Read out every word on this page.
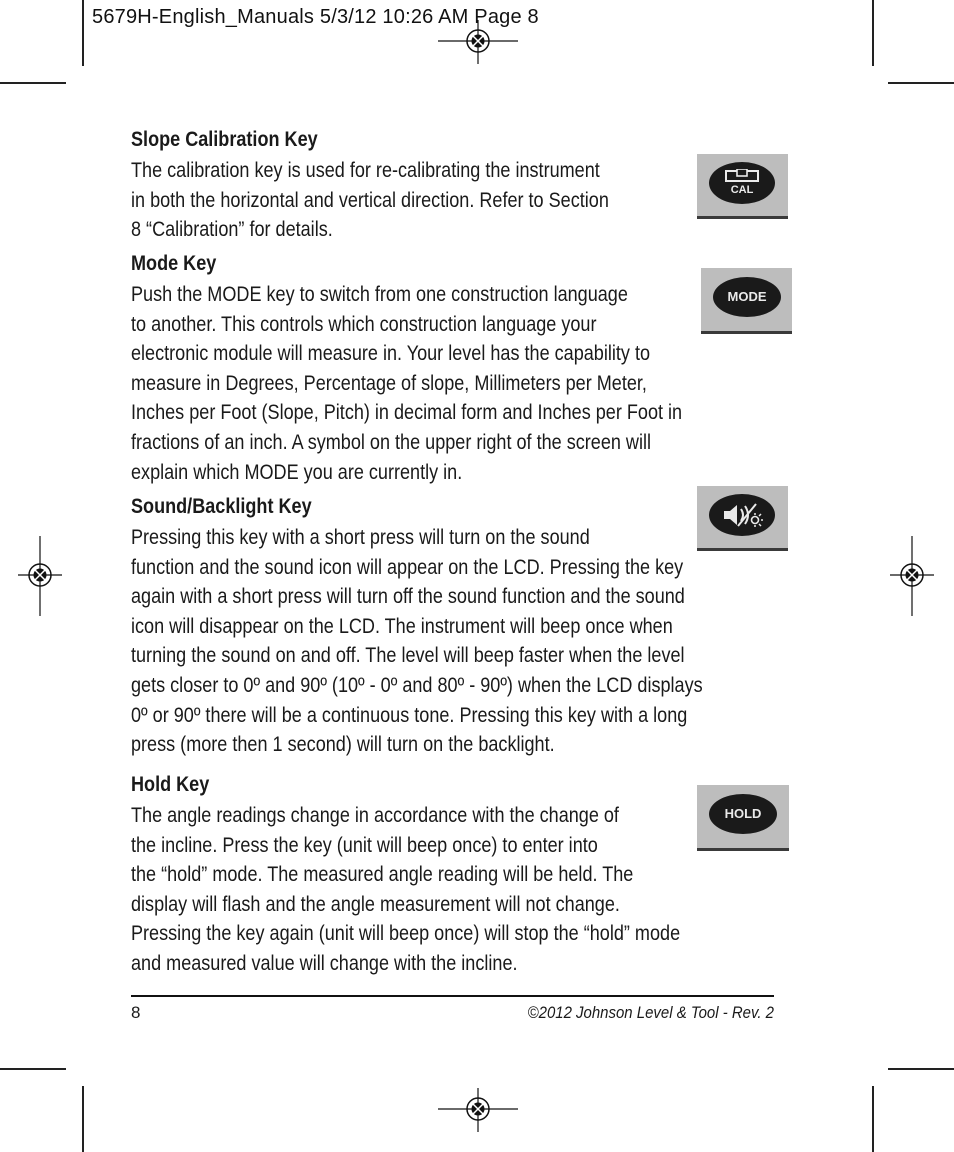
5679H-English_Manuals 5/3/12 10:26 AM Page 8
Slope Calibration Key
The calibration key is used for re-calibrating the instrument
in both the horizontal and vertical direction. Refer to Section
8 “Calibration” for details.
CAL
Mode Key
Push the MODE key to switch from one construction language
to another. This controls which construction language your
electronic module will measure in. Your level has the capability to
measure in Degrees, Percentage of slope, Millimeters per Meter,
Inches per Foot (Slope, Pitch) in decimal form and Inches per Foot in
fractions of an inch. A symbol on the upper right of the screen will
explain which MODE you are currently in.
MODE
Sound/Backlight Key
Pressing this key with a short press will turn on the sound
function and the sound icon will appear on the LCD. Pressing the key
again with a short press will turn off the sound function and the sound
icon will disappear on the LCD. The instrument will beep once when
turning the sound on and off. The level will beep faster when the level
gets closer to 0º and 90º (10º - 0º and 80º - 90º) when the LCD displays
0º or 90º there will be a continuous tone. Pressing this key with a long
press (more then 1 second) will turn on the backlight.
Hold Key
The angle readings change in accordance with the change of
the incline. Press the key (unit will beep once) to enter into
the “hold” mode. The measured angle reading will be held. The
display will flash and the angle measurement will not change.
Pressing the key again (unit will beep once) will stop the “hold” mode
and measured value will change with the incline.
HOLD
8	©2012 Johnson Level & Tool - Rev. 2
